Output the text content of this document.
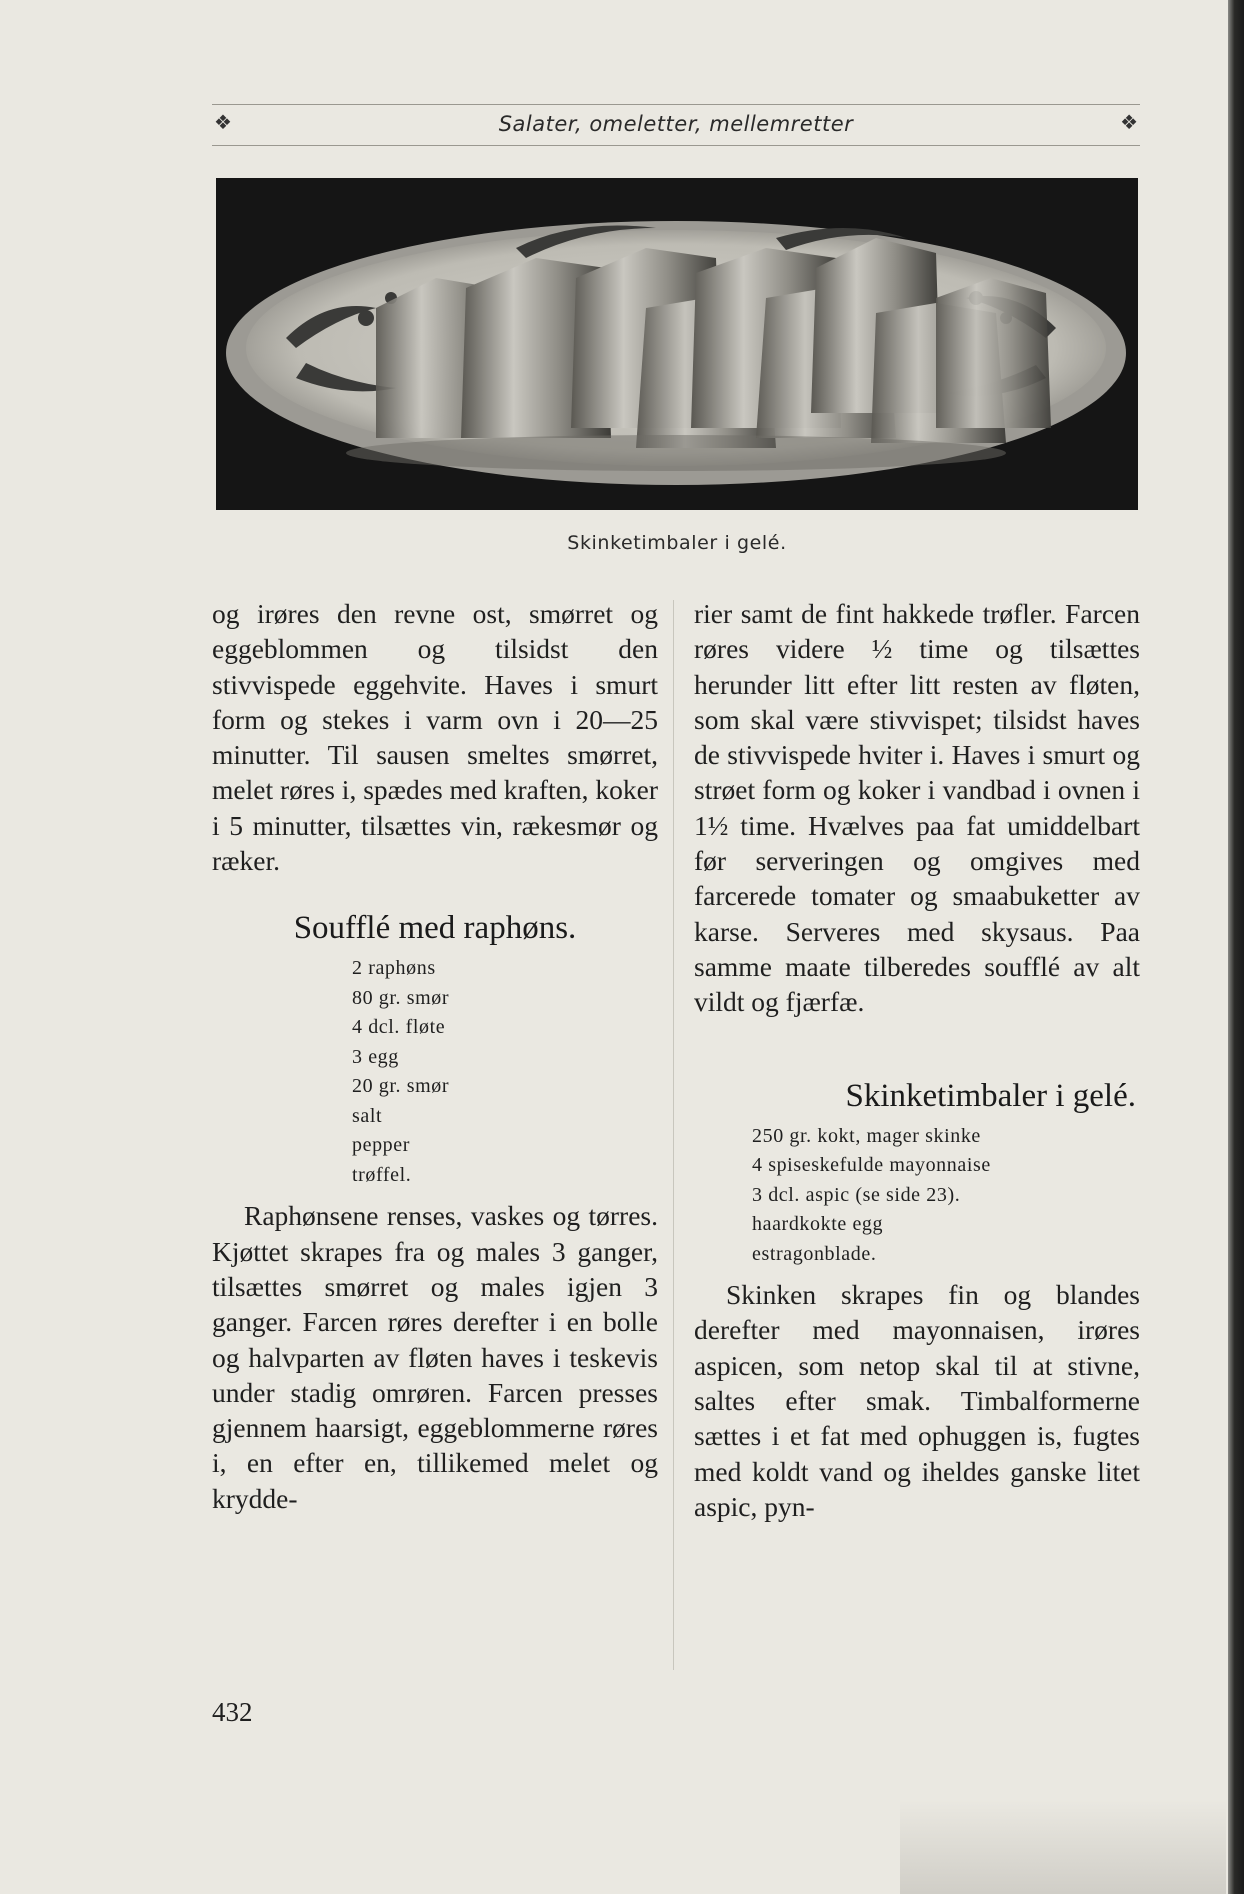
❖	Salater, omeletter, mellemretter	❖
Skinketimbaler i gelé.

og irøres den revne ost, smørret og eggeblommen og tilsidst den stivvispede eggehvite. Haves i smurt form og stekes i varm ovn i 20—25 minutter. Til sausen smeltes smørret, melet røres i, spædes med kraften, koker i 5 minutter, tilsættes vin, rækesmør og ræker.

Soufflé med raphøns.
2 raphøns
80 gr. smør
4 dcl. fløte
3 egg
20 gr. smør
salt
pepper
trøffel.

Raphønsene renses, vaskes og tørres. Kjøttet skrapes fra og males 3 ganger, tilsættes smørret og males igjen 3 ganger. Farcen røres derefter i en bolle og halvparten av fløten haves i teskevis under stadig omrøren. Farcen presses gjennem haarsigt, eggeblommerne røres i, en efter en, tillikemed melet og krydde-

rier samt de fint hakkede trøfler. Farcen røres videre ½ time og tilsættes herunder litt efter litt resten av fløten, som skal være stivvispet; tilsidst haves de stivvispede hviter i. Haves i smurt og strøet form og koker i vandbad i ovnen i 1½ time. Hvælves paa fat umiddelbart før serveringen og omgives med farcerede tomater og smaabuketter av karse. Serveres med skysaus. Paa samme maate tilberedes soufflé av alt vildt og fjærfæ.

Skinketimbaler i gelé.
250 gr. kokt, mager skinke
4 spiseskefulde mayonnaise
3 dcl. aspic (se side 23).
haardkokte egg
estragonblade.

Skinken skrapes fin og blandes derefter med mayonnaisen, irøres aspicen, som netop skal til at stivne, saltes efter smak. Timbalformerne sættes i et fat med ophuggen is, fugtes med koldt vand og iheldes ganske litet aspic, pyn-

432
